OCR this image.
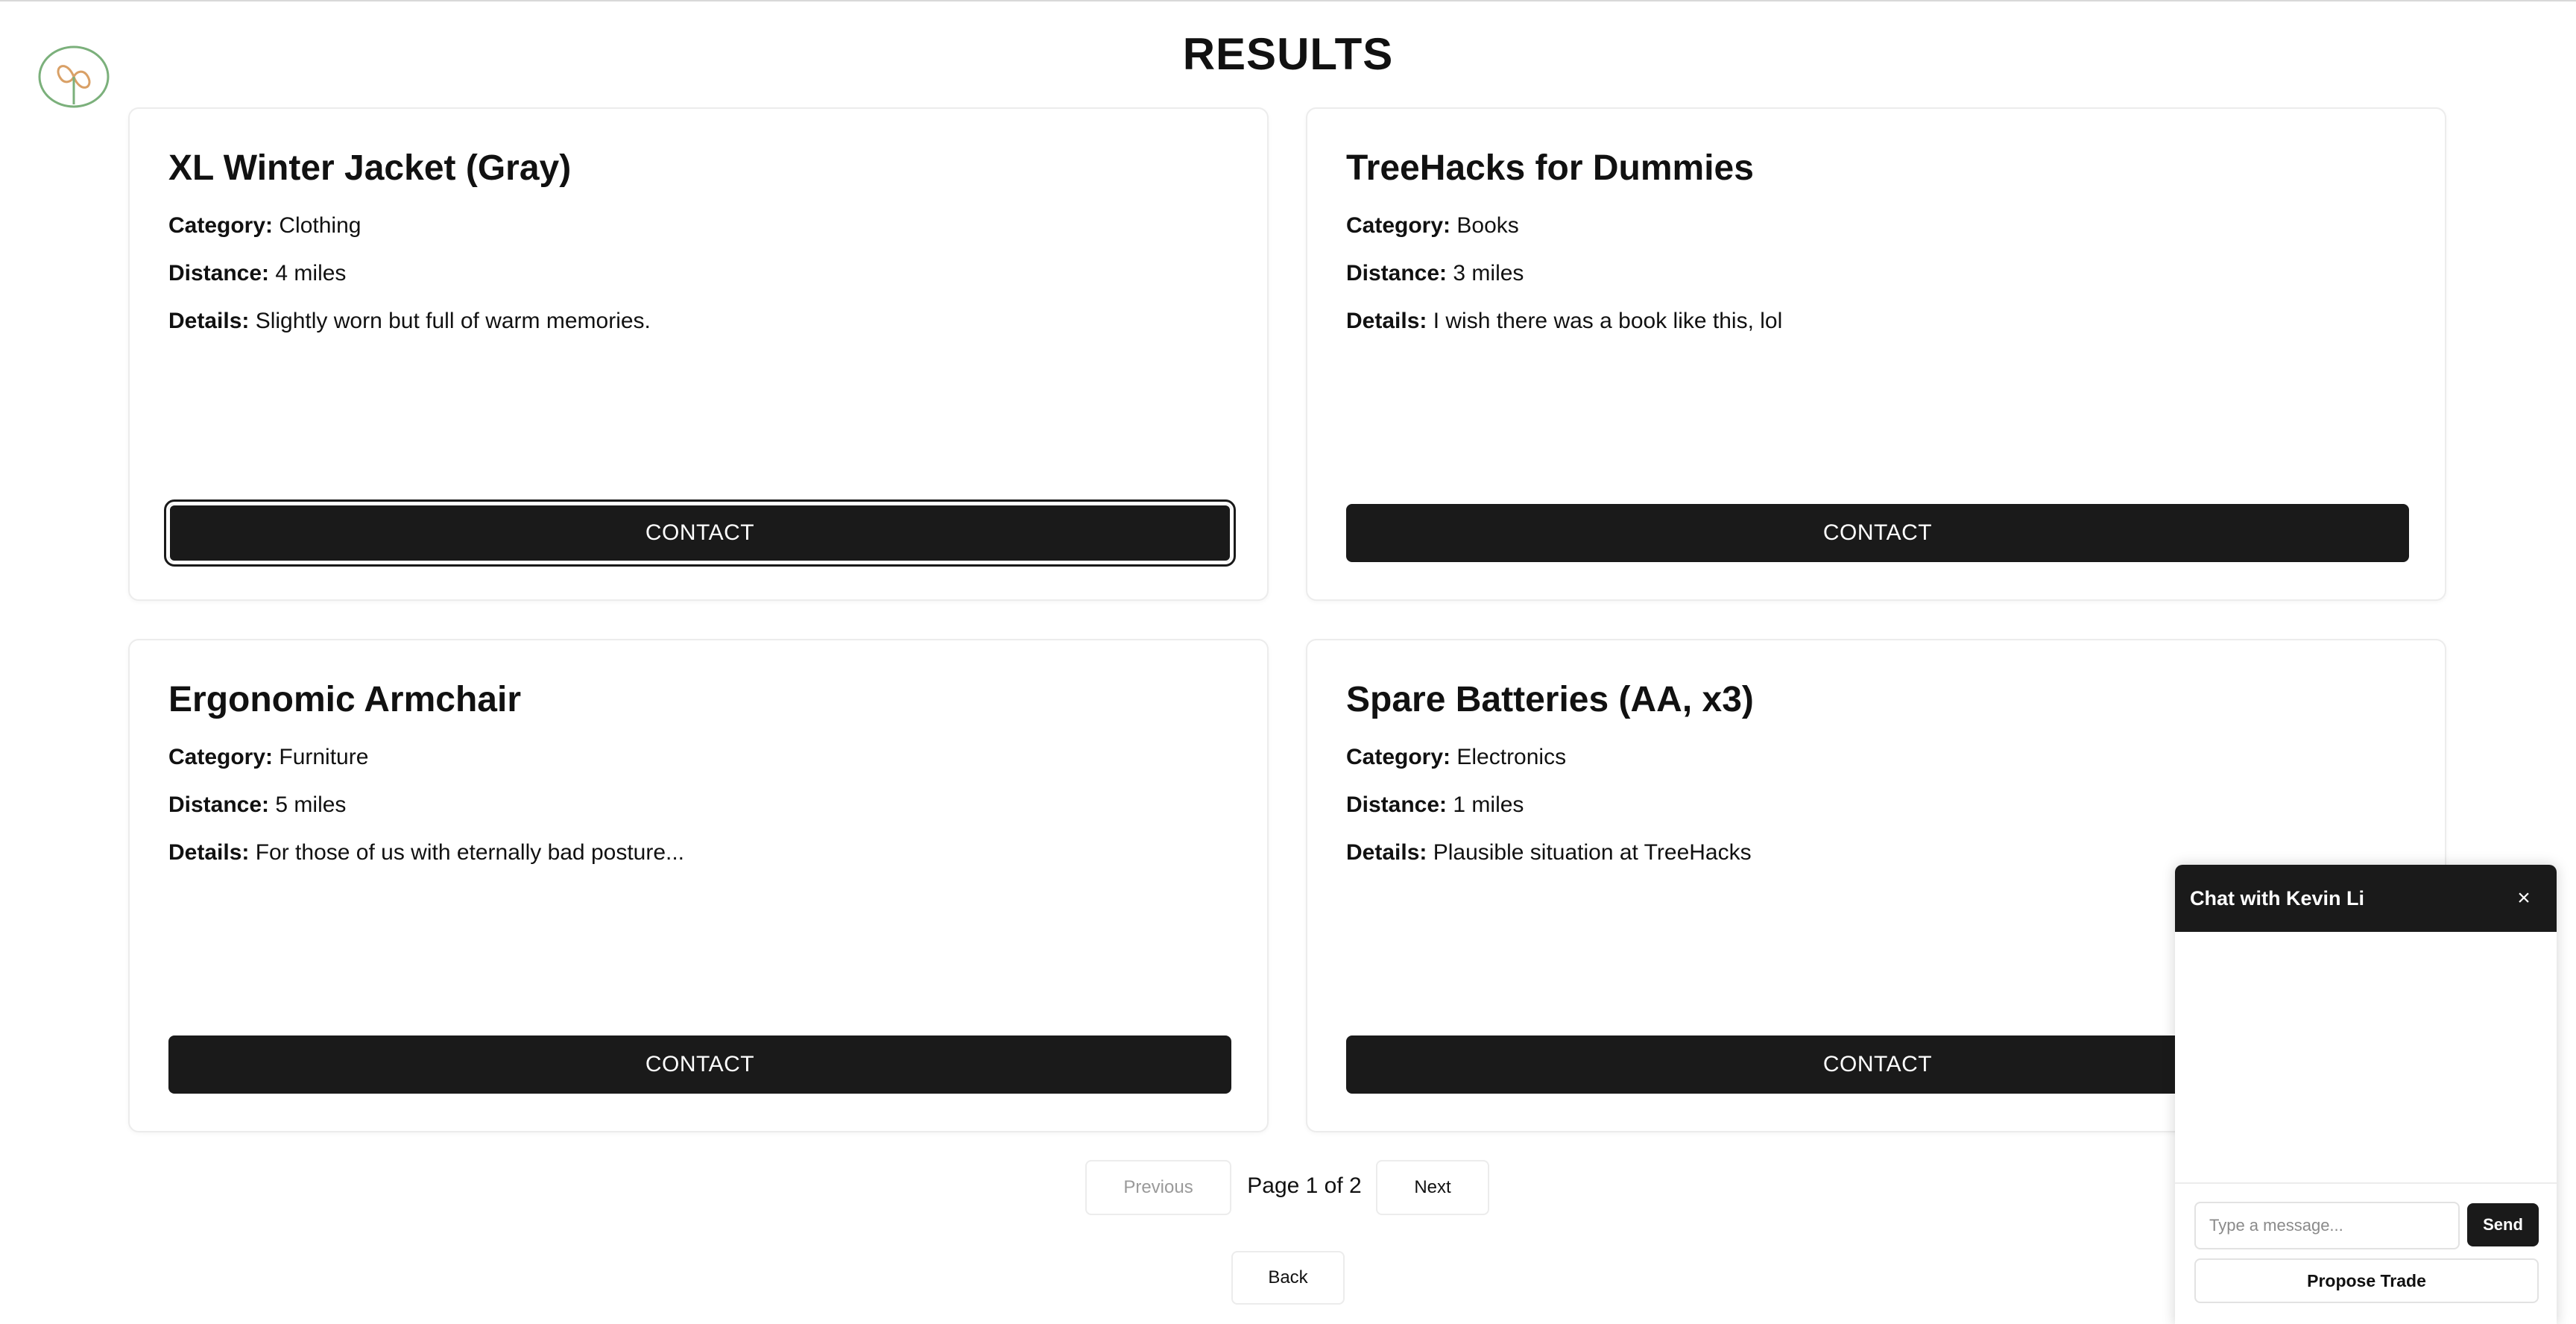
RESULTS
XL Winter Jacket (Gray)
Category: Clothing
Distance: 4 miles
Details: Slightly worn but full of warm memories.
CONTACT
TreeHacks for Dummies
Category: Books
Distance: 3 miles
Details: I wish there was a book like this, lol
CONTACT
Ergonomic Armchair
Category: Furniture
Distance: 5 miles
Details: For those of us with eternally bad posture...
CONTACT
Spare Batteries (AA, x3)
Category: Electronics
Distance: 1 miles
Details: Plausible situation at TreeHacks
CONTACT
Previous	Page 1 of 2	Next
Back
Chat with Kevin Li	×
Type a message...
Send
Propose Trade
